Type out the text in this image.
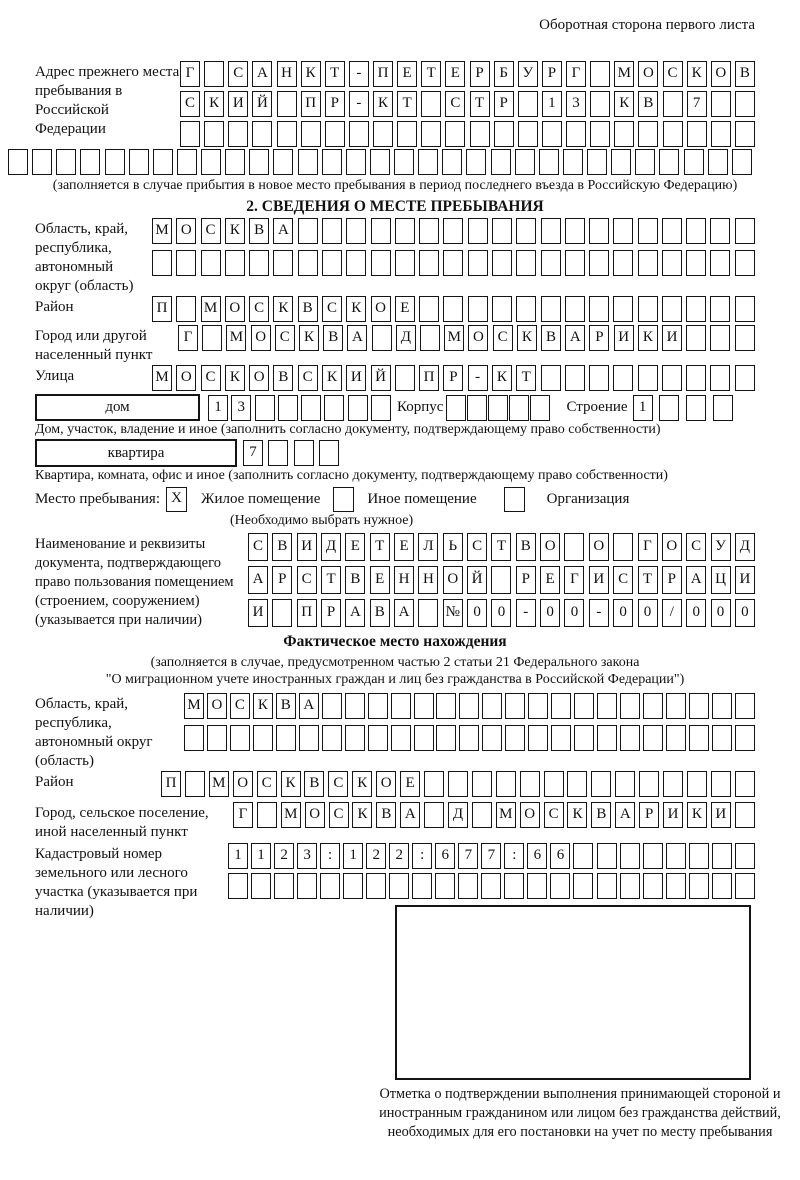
Оборотная сторона первого листа
Адрес прежнего места пребывания в Российской Федерации
Г	С А Н К Т	-	П Е Т Е	Р	Б У Р	Г	М О С К О В
С К И Й	П Р	-	К Т	С Т	Р	1	3	К В	7
(заполняется в случае прибытия в новое место пребывания в период последнего въезда в Российскую Федерацию)
2. СВЕДЕНИЯ О МЕСТЕ ПРЕБЫВАНИЯ
Область, край, республика, автономный округ (область)
М О С К В А
Район	П	М О С К В С К О Е
Город или другой населенный пункт
Г	М О С К В А	Д	М О С К В А Р И К И
Улица	М О С К О В С К И Й	П Р	-	К Т
дом	1	3	Корпус	Строение 1
Дом, участок, владение и иное (заполнить согласно документу, подтверждающему право собственности)
квартира	7
Квартира, комната, офис и иное (заполнить согласно документу, подтверждающему право собственности)
Место пребывания: X	Жилое помещение	Иное помещение	Организация
(Необходимо выбрать нужное)
Наименование и реквизиты документа, подтверждающего право пользования помещением (строением, сооружением) (указывается при наличии)
С В И Д Е	Т	Е Л Ь	С Т В О	О	Г О С У Д
А Р	С Т В Е Н Н О Й	Р	Е	Г И С Т	Р А Ц И
И	П Р А В А	№ 0	0	-	0	0	-	0	0	/	0	0	0
Фактическое место нахождения
(заполняется в случае, предусмотренном частью 2 статьи 21 Федерального закона
"О миграционном учете иностранных граждан и лиц без гражданства в Российской Федерации")
Область, край, республика, автономный округ (область)
М О С К В А
Район	П	М О С К В С К О Е
Город, сельское поселение, иной населенный пункт
Г	М О С К В А	Д	М О С К В А Р И К И
Кадастровый номер земельного или лесного участка (указывается при наличии)
1	1	2	3	:	1	2	2	:	6	7	7	:	6	6
Отметка о подтверждении выполнения принимающей стороной и иностранным гражданином или лицом без гражданства действий, необходимых для его постановки на учет по месту пребывания
